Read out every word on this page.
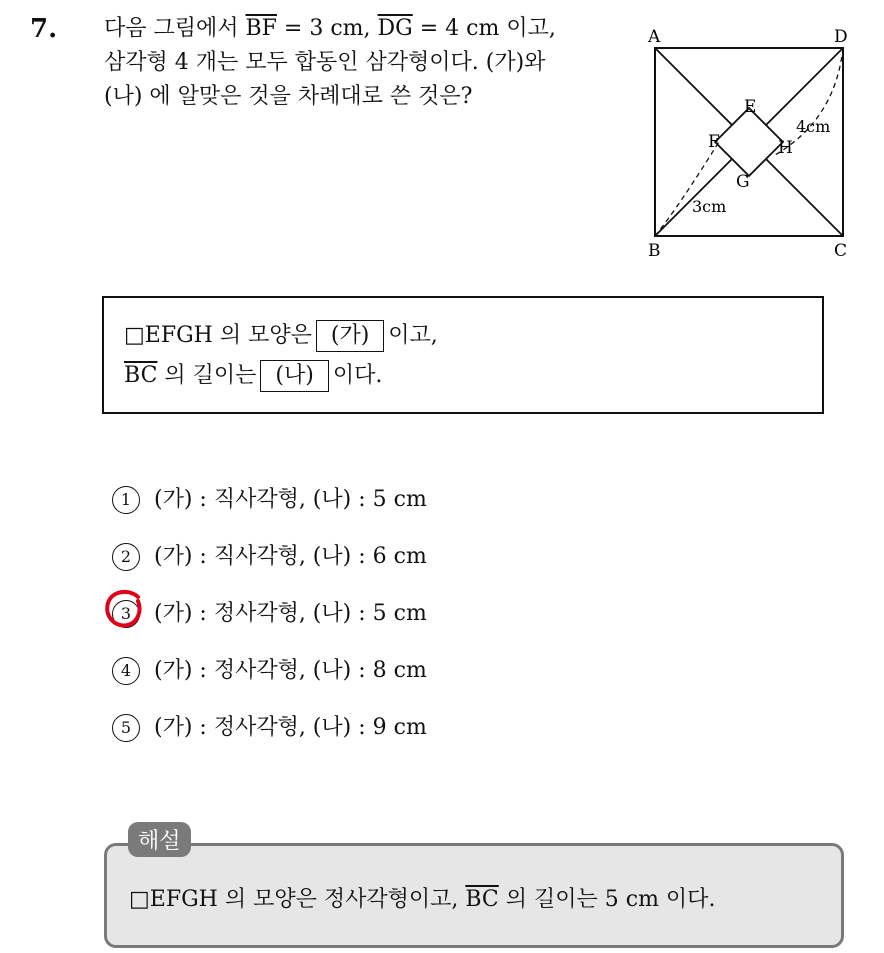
7. 다음 그림에서 $\overline{BF} = 3$ cm, $\overline{DG} = 4$ cm 이고,
삼각형 4 개는 모두 합동인 삼각형이다. (가)와
(나) 에 알맞은 것을 차례대로 쓴 것은?
A	D
B	C
E
F
G
H
4cm
3cm
□EFGH 의 모양은 (가) 이고,
$\overline{BC}$ 의 길이는 (나) 이다.
1 (가) : 직사각형, (나) : 5 cm
2 (가) : 직사각형, (나) : 6 cm
3 (가) : 정사각형, (나) : 5 cm
4 (가) : 정사각형, (나) : 8 cm
5 (가) : 정사각형, (나) : 9 cm
□EFGH 의 모양은 정사각형이고, $\overline{BC}$ 의 길이는 5 cm 이다.
해설
